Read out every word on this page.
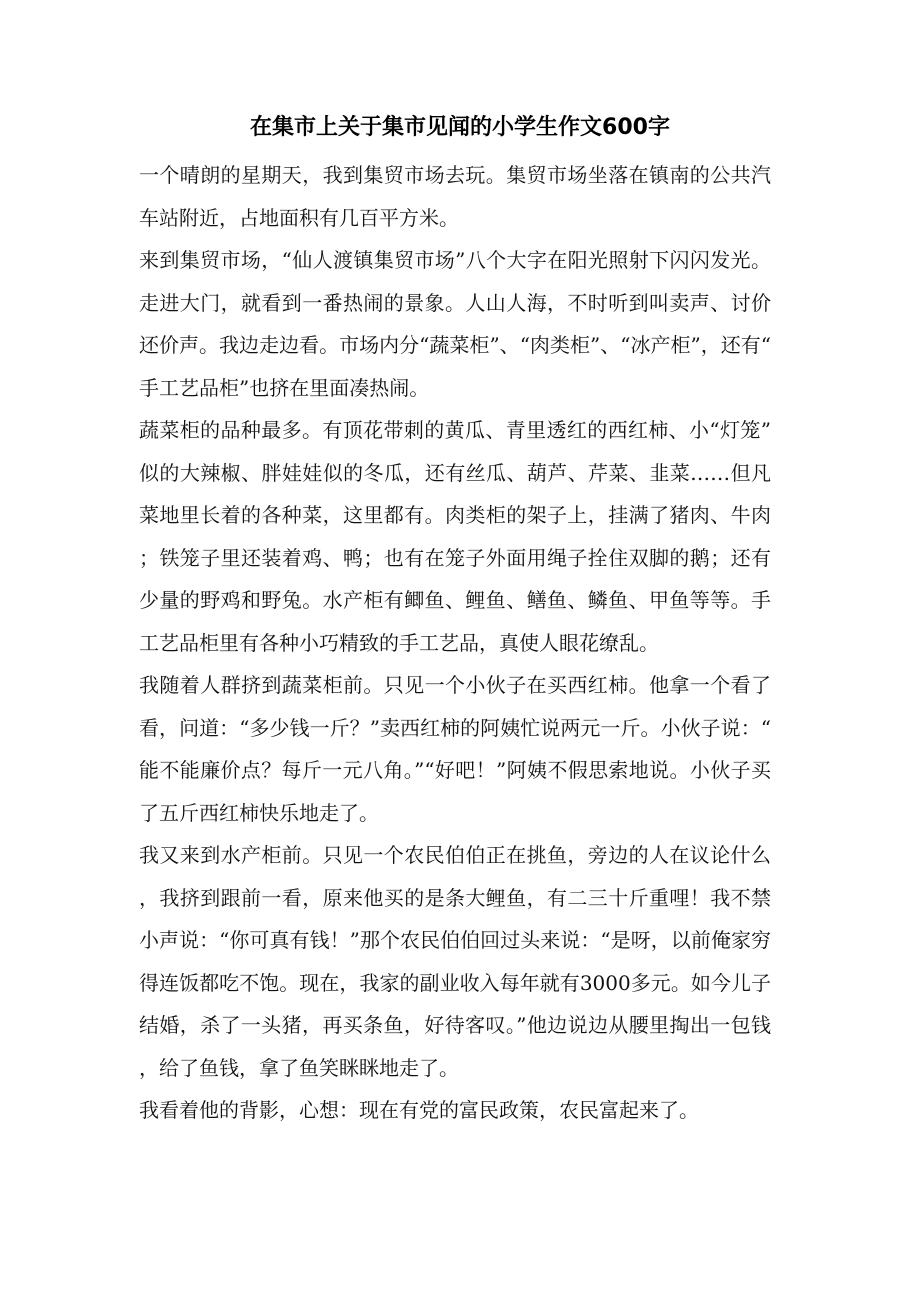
在集市上关于集市见闻的小学生作文600字

一个晴朗的星期天，我到集贸市场去玩。集贸市场坐落在镇南的公共汽车站附近，占地面积有几百平方米。

来到集贸市场，“仙人渡镇集贸市场”八个大字在阳光照射下闪闪发光。走进大门，就看到一番热闹的景象。人山人海，不时听到叫卖声、讨价还价声。我边走边看。市场内分“蔬菜柜”、“肉类柜”、“冰产柜”，还有“手工艺品柜”也挤在里面凑热闹。

蔬菜柜的品种最多。有顶花带刺的黄瓜、青里透红的西红柿、小“灯笼”似的大辣椒、胖娃娃似的冬瓜，还有丝瓜、葫芦、芹菜、韭菜……但凡菜地里长着的各种菜，这里都有。肉类柜的架子上，挂满了猪肉、牛肉；铁笼子里还装着鸡、鸭；也有在笼子外面用绳子拴住双脚的鹅；还有少量的野鸡和野兔。水产柜有鲫鱼、鲤鱼、鳝鱼、鳞鱼、甲鱼等等。手工艺品柜里有各种小巧精致的手工艺品，真使人眼花缭乱。

我随着人群挤到蔬菜柜前。只见一个小伙子在买西红柿。他拿一个看了看，问道：“多少钱一斤？”卖西红柿的阿姨忙说两元一斤。小伙子说：“能不能廉价点？每斤一元八角。”“好吧！”阿姨不假思索地说。小伙子买了五斤西红柿快乐地走了。

我又来到水产柜前。只见一个农民伯伯正在挑鱼，旁边的人在议论什么，我挤到跟前一看，原来他买的是条大鲤鱼，有二三十斤重哩！我不禁小声说：“你可真有钱！”那个农民伯伯回过头来说：“是呀，以前俺家穷得连饭都吃不饱。现在，我家的副业收入每年就有3000多元。如今儿子结婚，杀了一头猪，再买条鱼，好待客叹。”他边说边从腰里掏出一包钱，给了鱼钱，拿了鱼笑眯眯地走了。

我看着他的背影，心想：现在有党的富民政策，农民富起来了。
